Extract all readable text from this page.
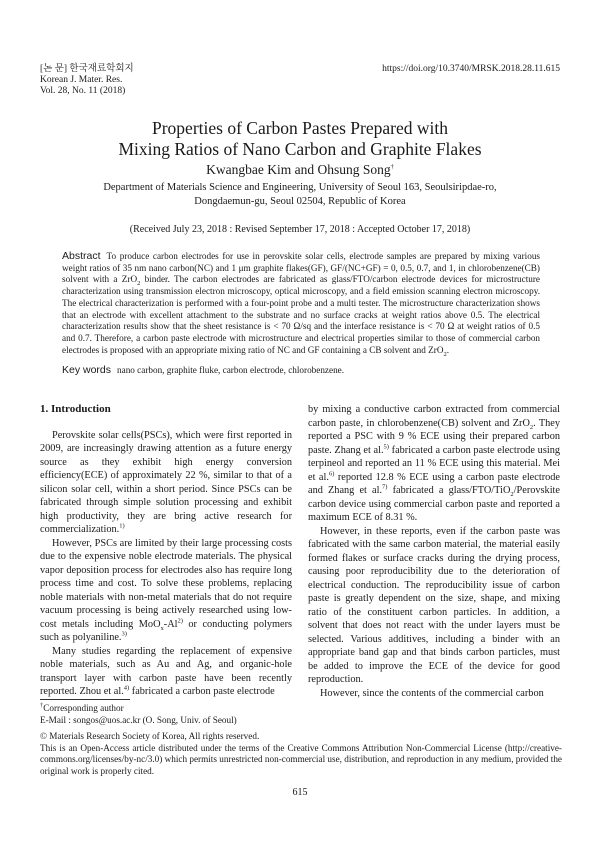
[논 문] 한국재료학회지
Korean J. Mater. Res.
Vol. 28, No. 11 (2018)
https://doi.org/10.3740/MRSK.2018.28.11.615
Properties of Carbon Pastes Prepared with
Mixing Ratios of Nano Carbon and Graphite Flakes
Kwangbae Kim and Ohsung Song†
Department of Materials Science and Engineering, University of Seoul 163, Seoulsiripdae-ro,
Dongdaemun-gu, Seoul 02504, Republic of Korea
(Received July 23, 2018 : Revised September 17, 2018 : Accepted October 17, 2018)
Abstract To produce carbon electrodes for use in perovskite solar cells, electrode samples are prepared by mixing various weight ratios of 35 nm nano carbon(NC) and 1 μm graphite flakes(GF), GF/(NC+GF) = 0, 0.5, 0.7, and 1, in chlorobenzene(CB) solvent with a ZrO$_2$ binder. The carbon electrodes are fabricated as glass/FTO/carbon electrode devices for microstructure characterization using transmission electron microscopy, optical microscopy, and a field emission scanning electron microscopy. The electrical characterization is performed with a four-point probe and a multi tester. The microstructure characterization shows that an electrode with excellent attachment to the substrate and no surface cracks at weight ratios above 0.5. The electrical characterization results show that the sheet resistance is < 70 Ω/sq and the interface resistance is < 70 Ω at weight ratios of 0.5 and 0.7. Therefore, a carbon paste electrode with microstructure and electrical properties similar to those of commercial carbon electrodes is proposed with an appropriate mixing ratio of NC and GF containing a CB solvent and ZrO$_2$.
Key words nano carbon, graphite fluke, carbon electrode, chlorobenzene.
1. Introduction

Perovskite solar cells(PSCs), which were first reported in 2009, are increasingly drawing attention as a future energy source as they exhibit high energy conversion efficiency(ECE) of approximately 22 %, similar to that of a silicon solar cell, within a short period. Since PSCs can be fabricated through simple solution processing and exhibit high productivity, they are bring active research for commercialization.$^{1)}$

However, PSCs are limited by their large processing costs due to the expensive noble electrode materials. The physical vapor deposition process for electrodes also has require long process time and cost. To solve these problems, replacing noble materials with non-metal materials that do not require vacuum processing is being actively researched using low-cost metals including $MoO_x-Al^{2)}$ or conducting polymers such as polyaniline.$^{3)}$

Many studies regarding the replacement of expensive noble materials, such as Au and Ag, and organic-hole transport layer with carbon paste have been recently reported. Zhou et al.$^{4)}$ fabricated a carbon paste electrode

by mixing a conductive carbon extracted from commercial carbon paste, in chlorobenzene(CB) solvent and ZrO$_2$. They reported a PSC with 9 % ECE using their prepared carbon paste. Zhang et al.$^{5)}$ fabricated a carbon paste electrode using terpineol and reported an 11 % ECE using this material. Mei et al.$^{6)}$ reported 12.8 % ECE using a carbon paste electrode and Zhang et al.$^{7)}$ fabricated a glass/FTO/TiO$_2$/Perovskite carbon device using commercial carbon paste and reported a maximum ECE of 8.31 %.

However, in these reports, even if the carbon paste was fabricated with the same carbon material, the material easily formed flakes or surface cracks during the drying process, causing poor reproducibility due to the deterioration of electrical conduction. The reproducibility issue of carbon paste is greatly dependent on the size, shape, and mixing ratio of the constituent carbon particles. In addition, a solvent that does not react with the under layers must be selected. Various additives, including a binder with an appropriate band gap and that binds carbon particles, must be added to improve the ECE of the device for good reproduction.

However, since the contents of the commercial carbon

†Corresponding author
E-Mail : songos@uos.ac.kr (O. Song, Univ. of Seoul)
© Materials Research Society of Korea, All rights reserved.
This is an Open-Access article distributed under the terms of the Creative Commons Attribution Non-Commercial License (http://creative-commons.org/licenses/by-nc/3.0) which permits unrestricted non-commercial use, distribution, and reproduction in any medium, provided the original work is properly cited.
615
